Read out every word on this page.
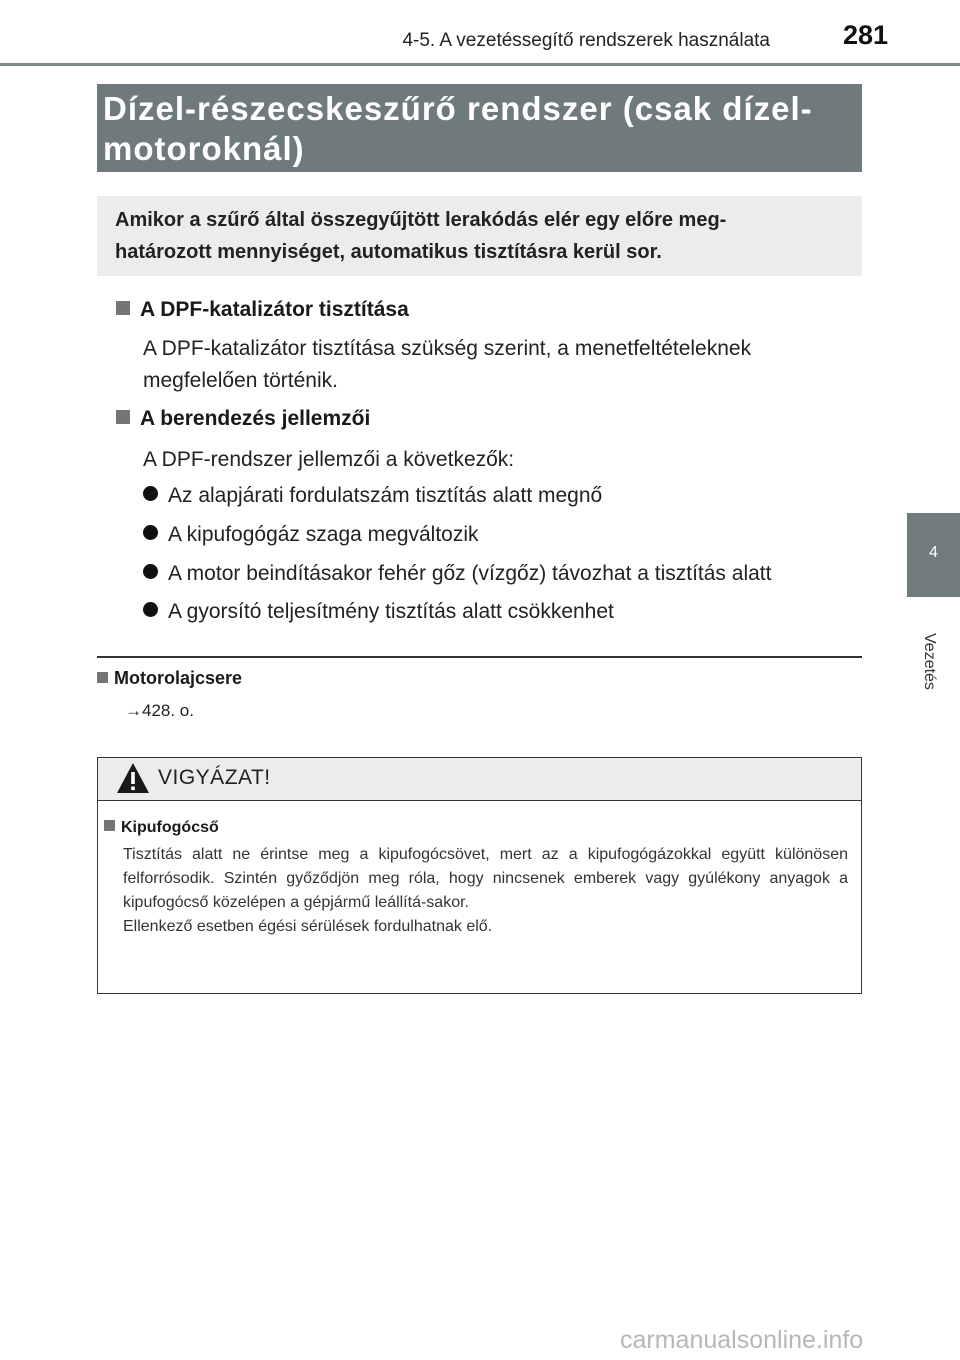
4-5. A vezetéssegítő rendszerek használata	281
4
Vezetés
Dízel-részecskeszűrő rendszer (csak dízel-
motoroknál)
Amikor a szűrő által összegyűjtött lerakódás elér egy előre meg-
határozott mennyiséget, automatikus tisztításra kerül sor.
A DPF-katalizátor tisztítása
A DPF-katalizátor tisztítása szükség szerint, a menetfeltételeknek
megfelelően történik.
A berendezés jellemzői
A DPF-rendszer jellemzői a következők:
Az alapjárati fordulatszám tisztítás alatt megnő
A kipufogógáz szaga megváltozik
A motor beindításakor fehér gőz (vízgőz) távozhat a tisztítás alatt
A gyorsító teljesítmény tisztítás alatt csökkenhet
Motorolajcsere
→428. o.
VIGYÁZAT!
Kipufogócső

Tisztítás alatt ne érintse meg a kipufogócsövet, mert az a kipufogógázokkal együtt különösen felforrósodik. Szintén győződjön meg róla, hogy nincsenek emberek vagy gyúlékony anyagok a kipufogócső közelépen a gépjármű leállítá-sakor.

Ellenkező esetben égési sérülések fordulhatnak elő.

carmanualsonline.info
